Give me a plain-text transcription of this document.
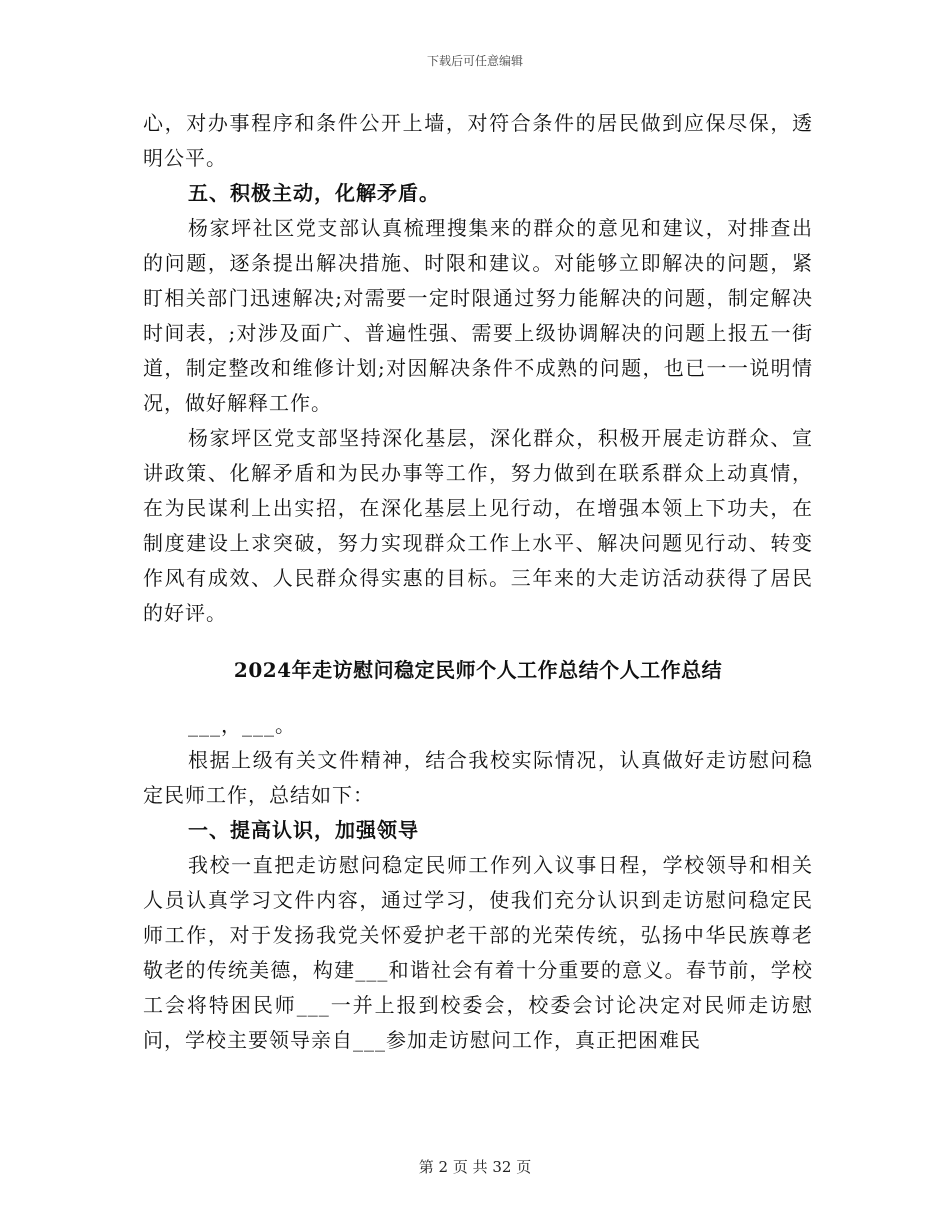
下载后可任意编辑

心，对办事程序和条件公开上墙，对符合条件的居民做到应保尽保，透明公平。

五、积极主动，化解矛盾。

杨家坪社区党支部认真梳理搜集来的群众的意见和建议，对排查出的问题，逐条提出解决措施、时限和建议。对能够立即解决的问题，紧盯相关部门迅速解决;对需要一定时限通过努力能解决的问题，制定解决时间表，;对涉及面广、普遍性强、需要上级协调解决的问题上报五一街道，制定整改和维修计划;对因解决条件不成熟的问题，也已一一说明情况，做好解释工作。

杨家坪区党支部坚持深化基层，深化群众，积极开展走访群众、宣讲政策、化解矛盾和为民办事等工作，努力做到在联系群众上动真情，在为民谋利上出实招，在深化基层上见行动，在增强本领上下功夫，在制度建设上求突破，努力实现群众工作上水平、解决问题见行动、转变作风有成效、人民群众得实惠的目标。三年来的大走访活动获得了居民的好评。

2024年走访慰问稳定民师个人工作总结个人工作总结

___，___。

根据上级有关文件精神，结合我校实际情况，认真做好走访慰问稳定民师工作，总结如下：

一、提高认识，加强领导

我校一直把走访慰问稳定民师工作列入议事日程，学校领导和相关人员认真学习文件内容，通过学习，使我们充分认识到走访慰问稳定民师工作，对于发扬我党关怀爱护老干部的光荣传统，弘扬中华民族尊老敬老的传统美德，构建___和谐社会有着十分重要的意义。春节前，学校工会将特困民师___一并上报到校委会，校委会讨论决定对民师走访慰问，学校主要领导亲自___参加走访慰问工作，真正把困难民

第 2 页 共 32 页
